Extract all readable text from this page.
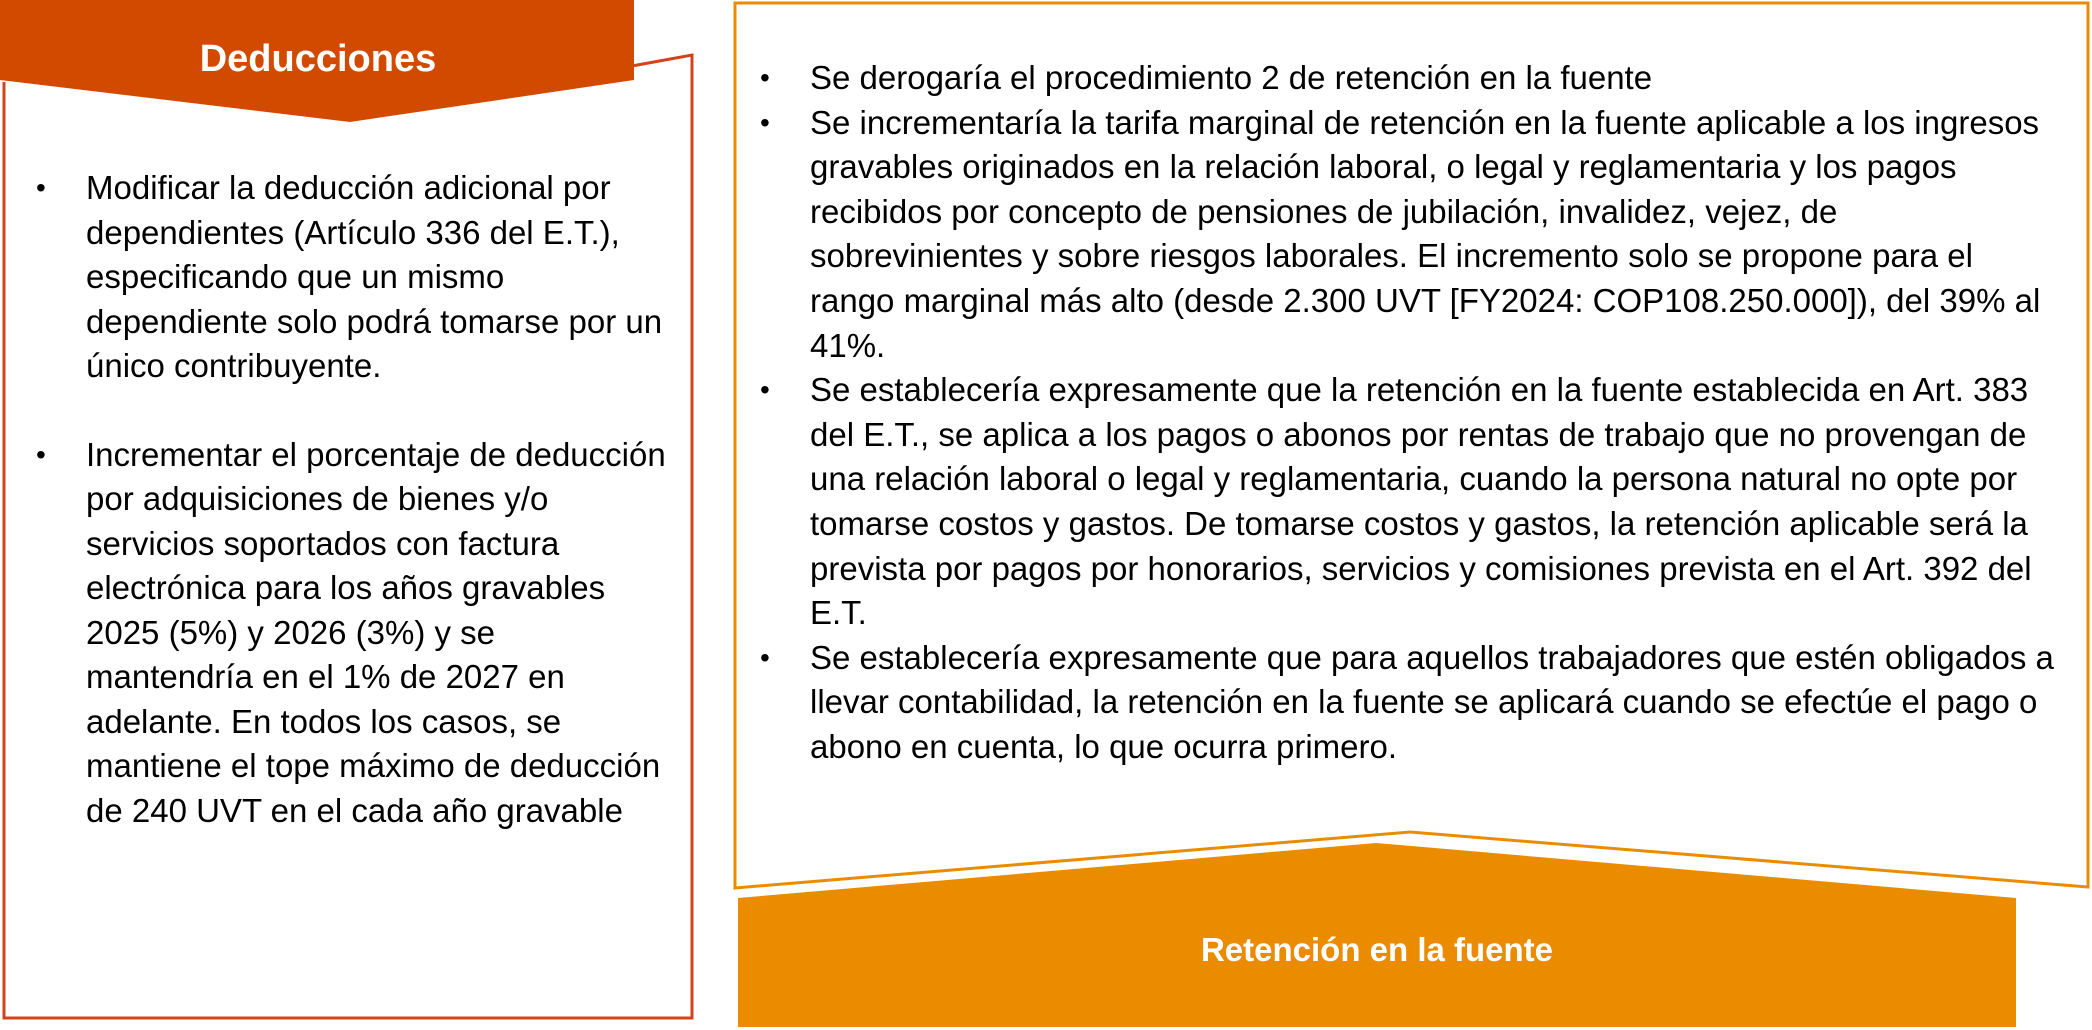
Deducciones
Retención en la fuente
• Modificar la deducción adicional por dependientes (Artículo 336 del E.T.), especificando que un mismo dependiente solo podrá tomarse por un único contribuyente.
• Incrementar el porcentaje de deducción por adquisiciones de bienes y/o servicios soportados con factura electrónica para los años gravables 2025 (5%) y 2026 (3%) y se mantendría en el 1% de 2027 en adelante. En todos los casos, se mantiene el tope máximo de deducción de 240 UVT en el cada año gravable
• Se derogaría el procedimiento 2 de retención en la fuente
• Se incrementaría la tarifa marginal de retención en la fuente aplicable a los ingresos gravables originados en la relación laboral, o legal y reglamentaria y los pagos recibidos por concepto de pensiones de jubilación, invalidez, vejez, de sobrevinientes y sobre riesgos laborales. El incremento solo se propone para el rango marginal más alto (desde 2.300 UVT [FY2024: COP108.250.000]), del 39% al 41%.
• Se establecería expresamente que la retención en la fuente establecida en Art. 383 del E.T., se aplica a los pagos o abonos por rentas de trabajo que no provengan de una relación laboral o legal y reglamentaria, cuando la persona natural no opte por tomarse costos y gastos. De tomarse costos y gastos, la retención aplicable será la prevista por pagos por honorarios, servicios y comisiones prevista en el Art. 392 del E.T.
• Se establecería expresamente que para aquellos trabajadores que estén obligados a llevar contabilidad, la retención en la fuente se aplicará cuando se efectúe el pago o abono en cuenta, lo que ocurra primero.
